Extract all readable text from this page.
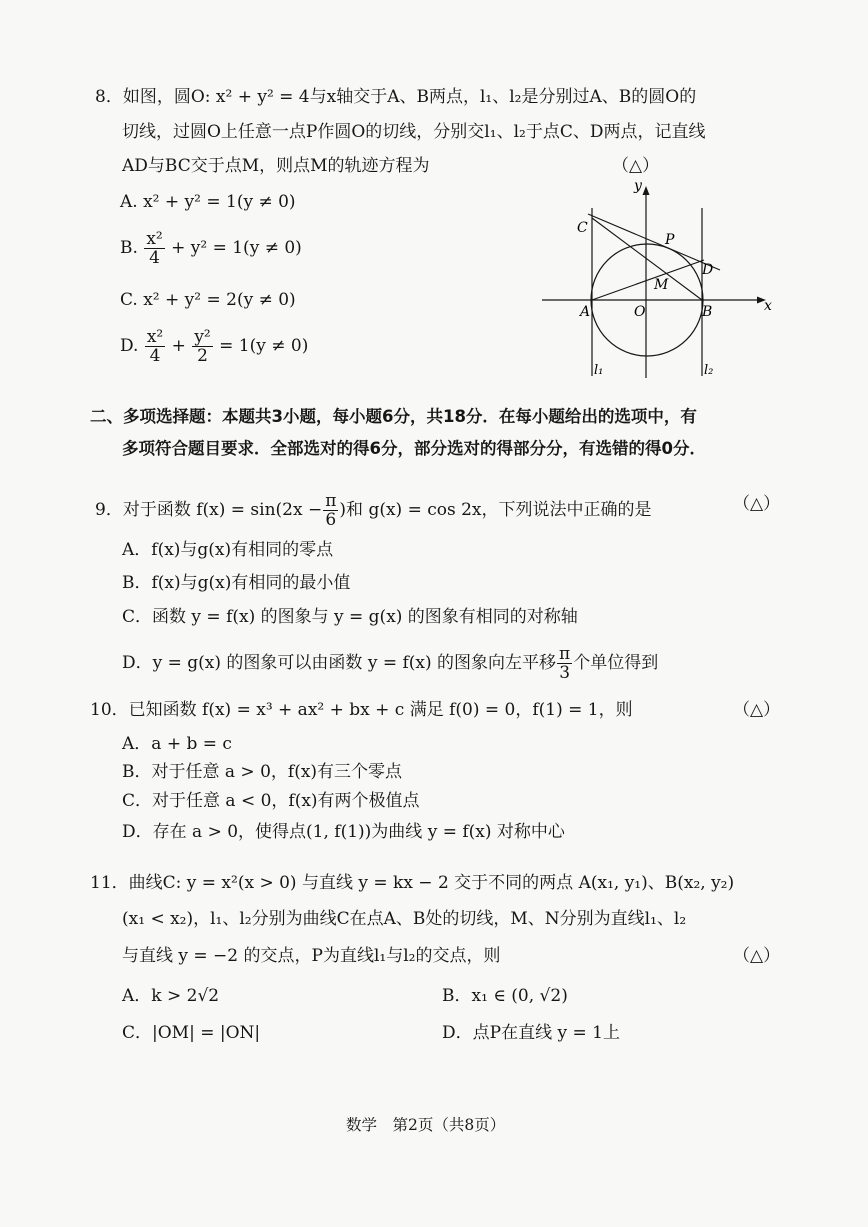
8．如图，圆O: x² + y² = 4与x轴交于A、B两点，l₁、l₂是分别过A、B的圆O的
切线，过圆O上任意一点P作圆O的切线，分别交l₁、l₂于点C、D两点，记直线
AD与BC交于点M，则点M的轨迹方程为	（△）
A. x² + y² = 1(y ≠ 0)
B. $\frac{\text{x²}}{4} + y^2 = 1(y \ne 0)$
C. x² + y² = 2(y ≠ 0)
D. $\frac{\text{x²}}{4} + \frac{\text{y²}}{2} = 1(y \ne 0)$
y
x
C
P
D
M
A	O	B
l₁	l₂
二、多项选择题：本题共3小题，每小题6分，共18分．在每小题给出的选项中，有
多项符合题目要求．全部选对的得6分，部分选对的得部分分，有选错的得0分．
9．对于函数 $f(x) = \sin(2x - \frac{\pi}{6}$ )和 g(x) = cos 2x，下列说法中正确的是	（△）
A．f(x)与g(x)有相同的零点
B．f(x)与g(x)有相同的最小值
C．函数 y = f(x) 的图象与 y = g(x) 的图象有相同的对称轴
D．y = g(x) 的图象可以由函数 y = f(x) 的图象向左平移 $\frac{\pi}{3}$ 个单位得到
10．已知函数 f(x) = x³ + ax² + bx + c 满足 f(0) = 0，f(1) = 1，则	（△）
A．a + b = c
B．对于任意 a > 0，f(x)有三个零点
C．对于任意 a < 0，f(x)有两个极值点
D．存在 a > 0，使得点(1, f(1))为曲线 y = f(x) 对称中心
11．曲线C: y = x²(x > 0) 与直线 y = kx − 2 交于不同的两点 A(x₁, y₁)、B(x₂, y₂)
(x₁ < x₂)，l₁、l₂分别为曲线C在点A、B处的切线，M、N分别为直线l₁、l₂
与直线 y = −2 的交点，P为直线l₁与l₂的交点，则	（△）
A．k > 2√2	B．x₁ ∈ (0, √2)
C．|OM| = |ON|	D．点P在直线 y = 1上
数学　第2页（共8页）
